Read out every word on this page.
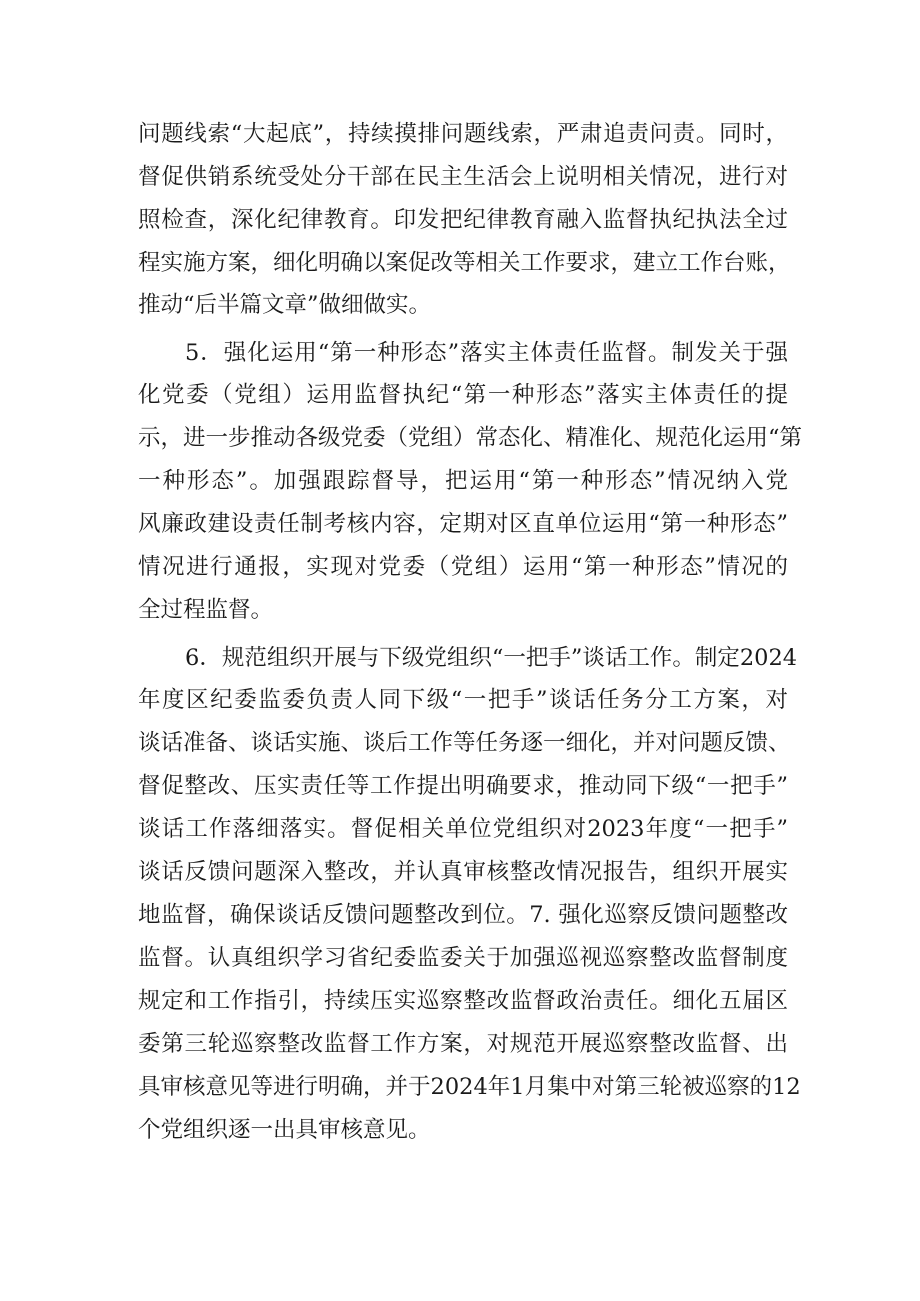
问题线索“大起底”，持续摸排问题线索，严肃追责问责。同时，

督促供销系统受处分干部在民主生活会上说明相关情况，进行对

照检查，深化纪律教育。印发把纪律教育融入监督执纪执法全过

程实施方案，细化明确以案促改等相关工作要求，建立工作台账，

推动“后半篇文章”做细做实。

5．强化运用“第一种形态”落实主体责任监督。制发关于强

化党委（党组）运用监督执纪“第一种形态”落实主体责任的提

示，进一步推动各级党委（党组）常态化、精准化、规范化运用“第

一种形态”。加强跟踪督导，把运用“第一种形态”情况纳入党

风廉政建设责任制考核内容，定期对区直单位运用“第一种形态”

情况进行通报，实现对党委（党组）运用“第一种形态”情况的

全过程监督。

6．规范组织开展与下级党组织“一把手”谈话工作。制定2024

年度区纪委监委负责人同下级“一把手”谈话任务分工方案，对

谈话准备、谈话实施、谈后工作等任务逐一细化，并对问题反馈、

督促整改、压实责任等工作提出明确要求，推动同下级“一把手”

谈话工作落细落实。督促相关单位党组织对2023年度“一把手”

谈话反馈问题深入整改，并认真审核整改情况报告，组织开展实

地监督，确保谈话反馈问题整改到位。7. 强化巡察反馈问题整改

监督。认真组织学习省纪委监委关于加强巡视巡察整改监督制度

规定和工作指引，持续压实巡察整改监督政治责任。细化五届区

委第三轮巡察整改监督工作方案，对规范开展巡察整改监督、出

具审核意见等进行明确，并于2024年1月集中对第三轮被巡察的12

个党组织逐一出具审核意见。
